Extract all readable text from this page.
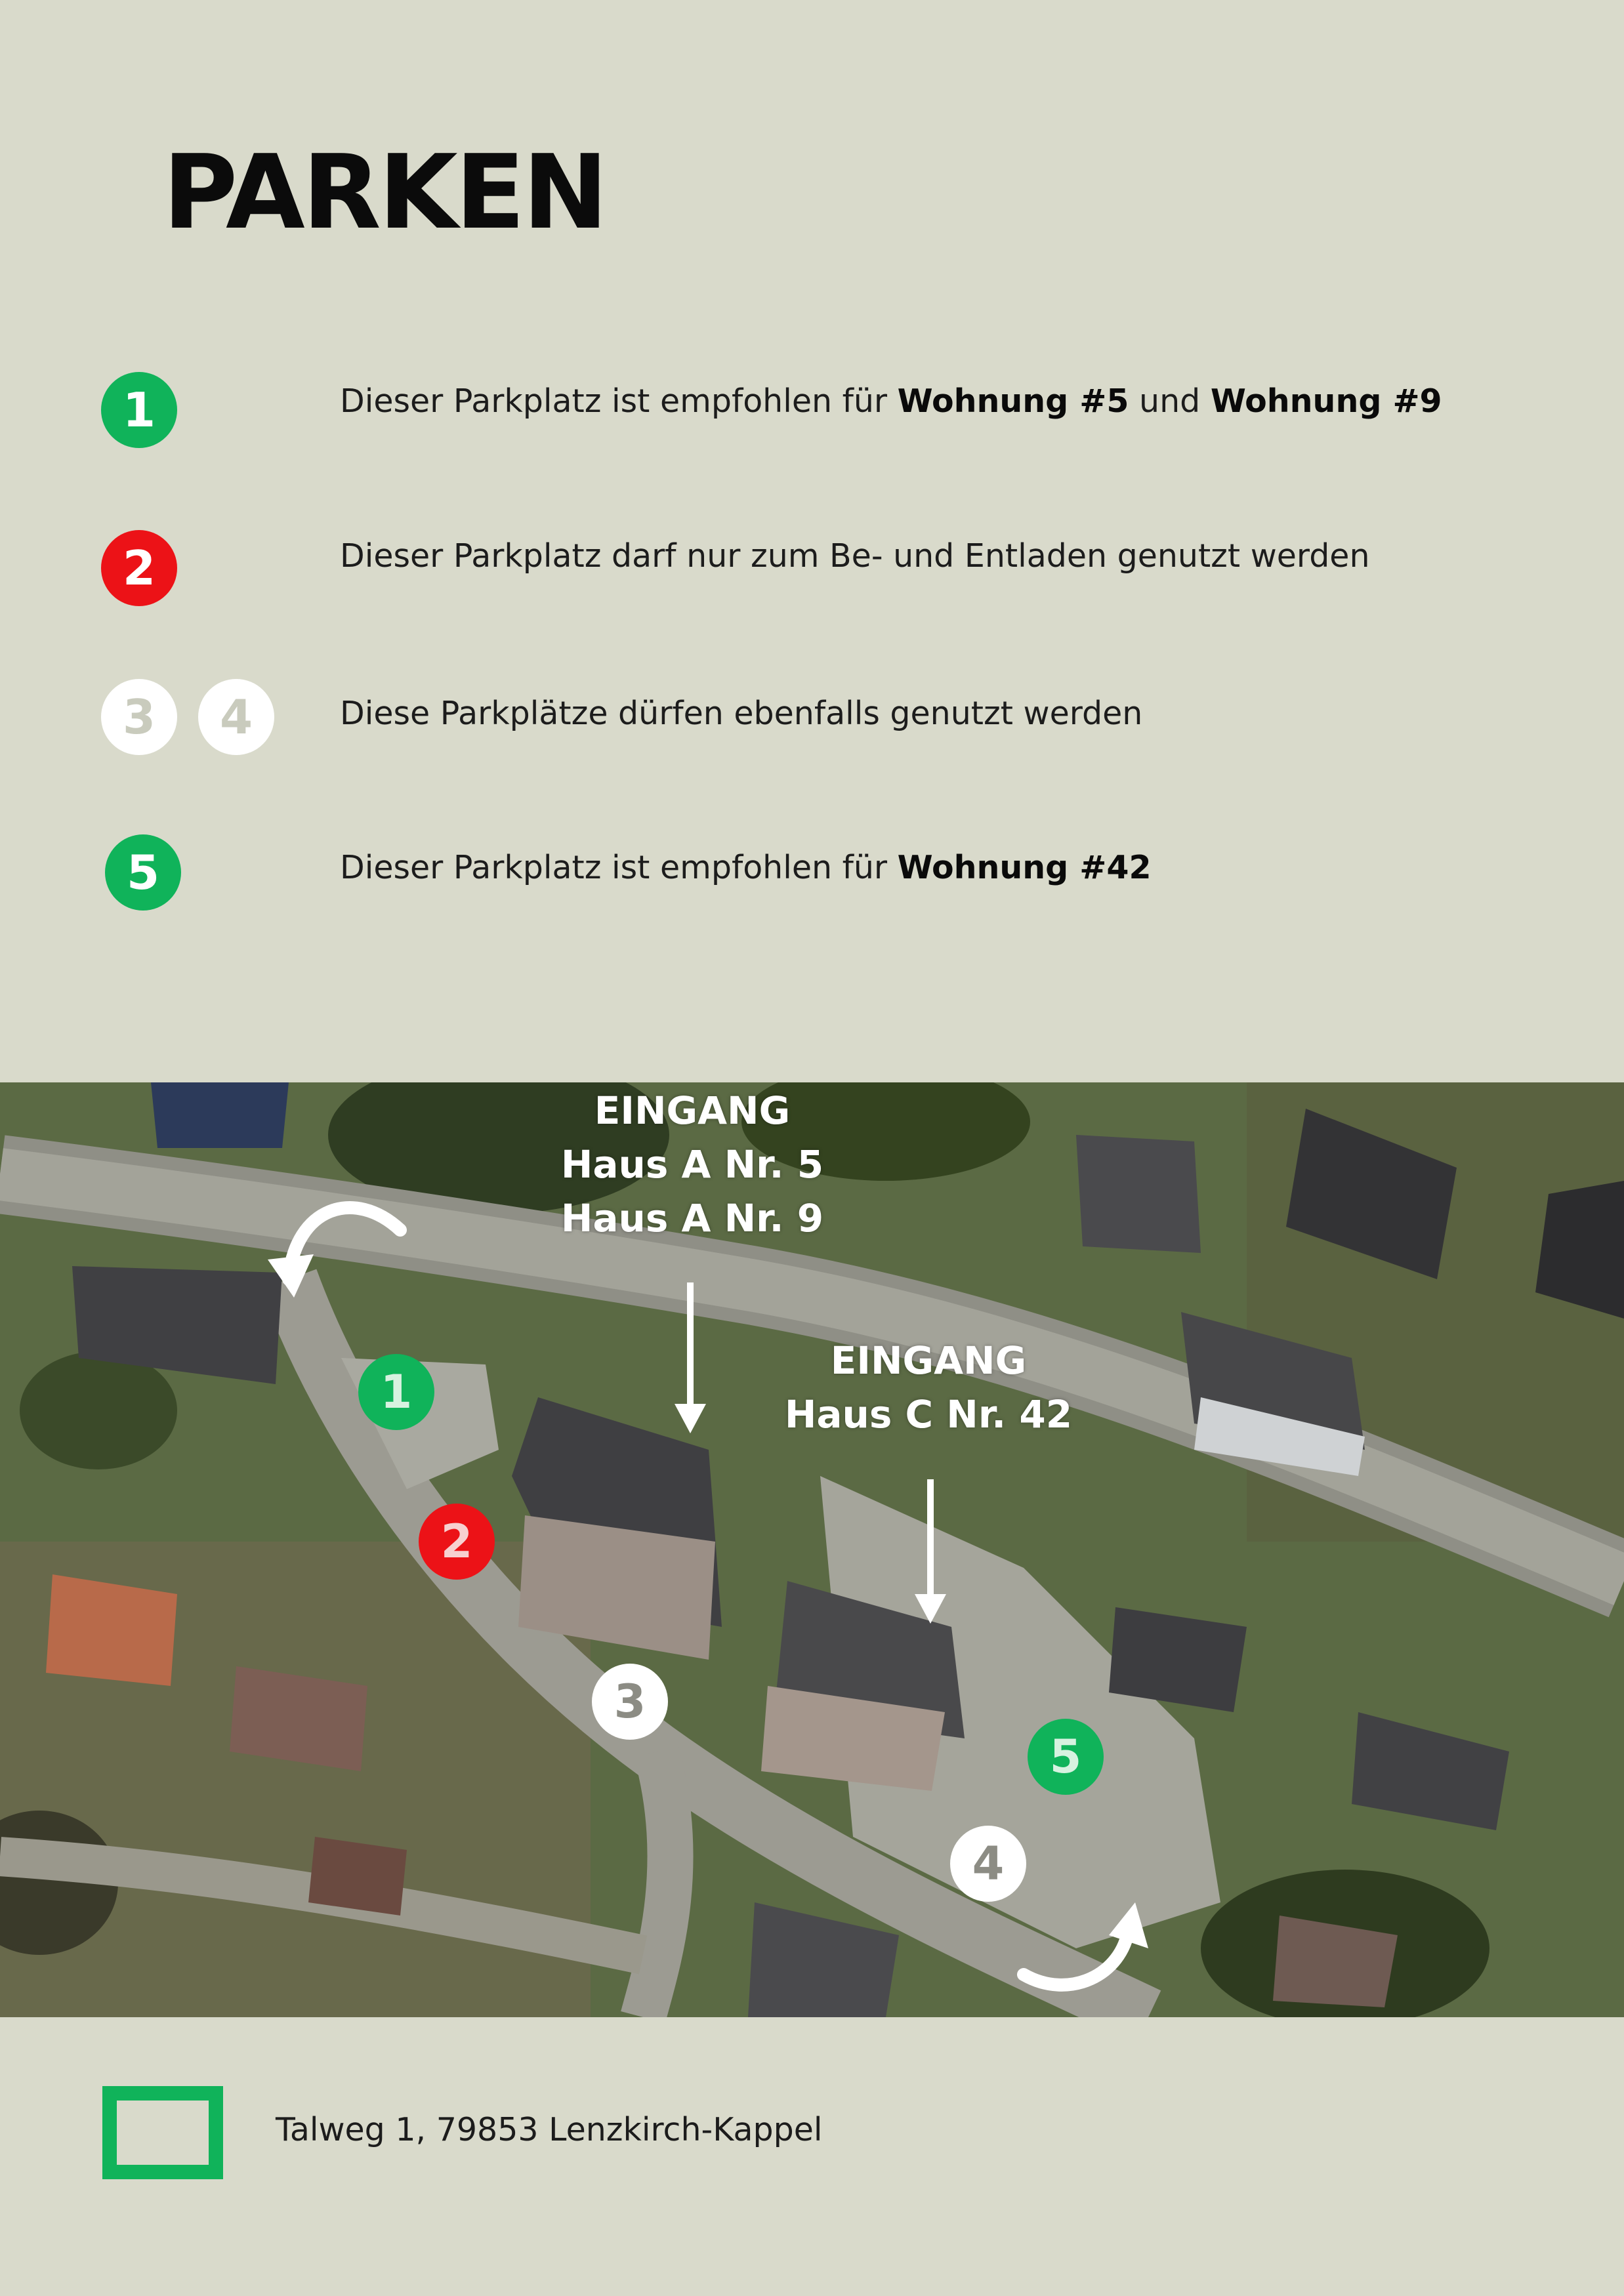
PARKEN
1	Dieser Parkplatz ist empfohlen für Wohnung #5 und Wohnung #9
2	Dieser Parkplatz darf nur zum Be- und Entladen genutzt werden
3	4	Diese Parkplätze dürfen ebenfalls genutzt werden
5	Dieser Parkplatz ist empfohlen für Wohnung #42
EINGANG
Haus A Nr. 5
Haus A Nr. 9
EINGANG
Haus C Nr. 42
1
2
3
5
4
Talweg 1, 79853 Lenzkirch-Kappel
